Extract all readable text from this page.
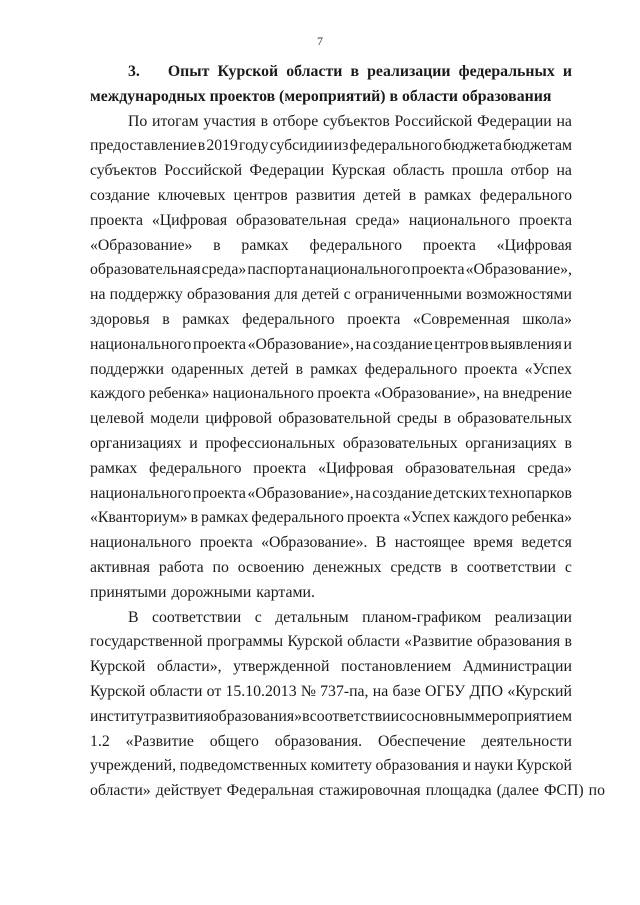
7
3. Опыт Курской области в реализации федеральных и
международных проектов (мероприятий) в области образования
По итогам участия в отборе субъектов Российской Федерации на
предоставление в 2019 году субсидии из федерального бюджета бюджетам
субъектов Российской Федерации Курская область прошла отбор на
создание ключевых центров развития детей в рамках федерального
проекта «Цифровая образовательная среда» национального проекта
«Образование» в рамках федерального проекта «Цифровая
образовательная среда» паспорта национального проекта «Образование»,
на поддержку образования для детей с ограниченными возможностями
здоровья в рамках федерального проекта «Современная школа»
национального проекта «Образование», на создание центров выявления и
поддержки одаренных детей в рамках федерального проекта «Успех
каждого ребенка» национального проекта «Образование», на внедрение
целевой модели цифровой образовательной среды в образовательных
организациях и профессиональных образовательных организациях в
рамках федерального проекта «Цифровая образовательная среда»
национального проекта «Образование», на создание детских технопарков
«Кванториум» в рамках федерального проекта «Успех каждого ребенка»
национального проекта «Образование». В настоящее время ведется
активная работа по освоению денежных средств в соответствии с
принятыми дорожными картами.
В соответствии с детальным планом-графиком реализации
государственной программы Курской области «Развитие образования в
Курской области», утвержденной постановлением Администрации
Курской области от 15.10.2013 № 737-па, на базе ОГБУ ДПО «Курский
институт развития образования» в соответствии с основным мероприятием
1.2 «Развитие общего образования. Обеспечение деятельности
учреждений, подведомственных комитету образования и науки Курской
области» действует Федеральная стажировочная площадка (далее ФСП) по
